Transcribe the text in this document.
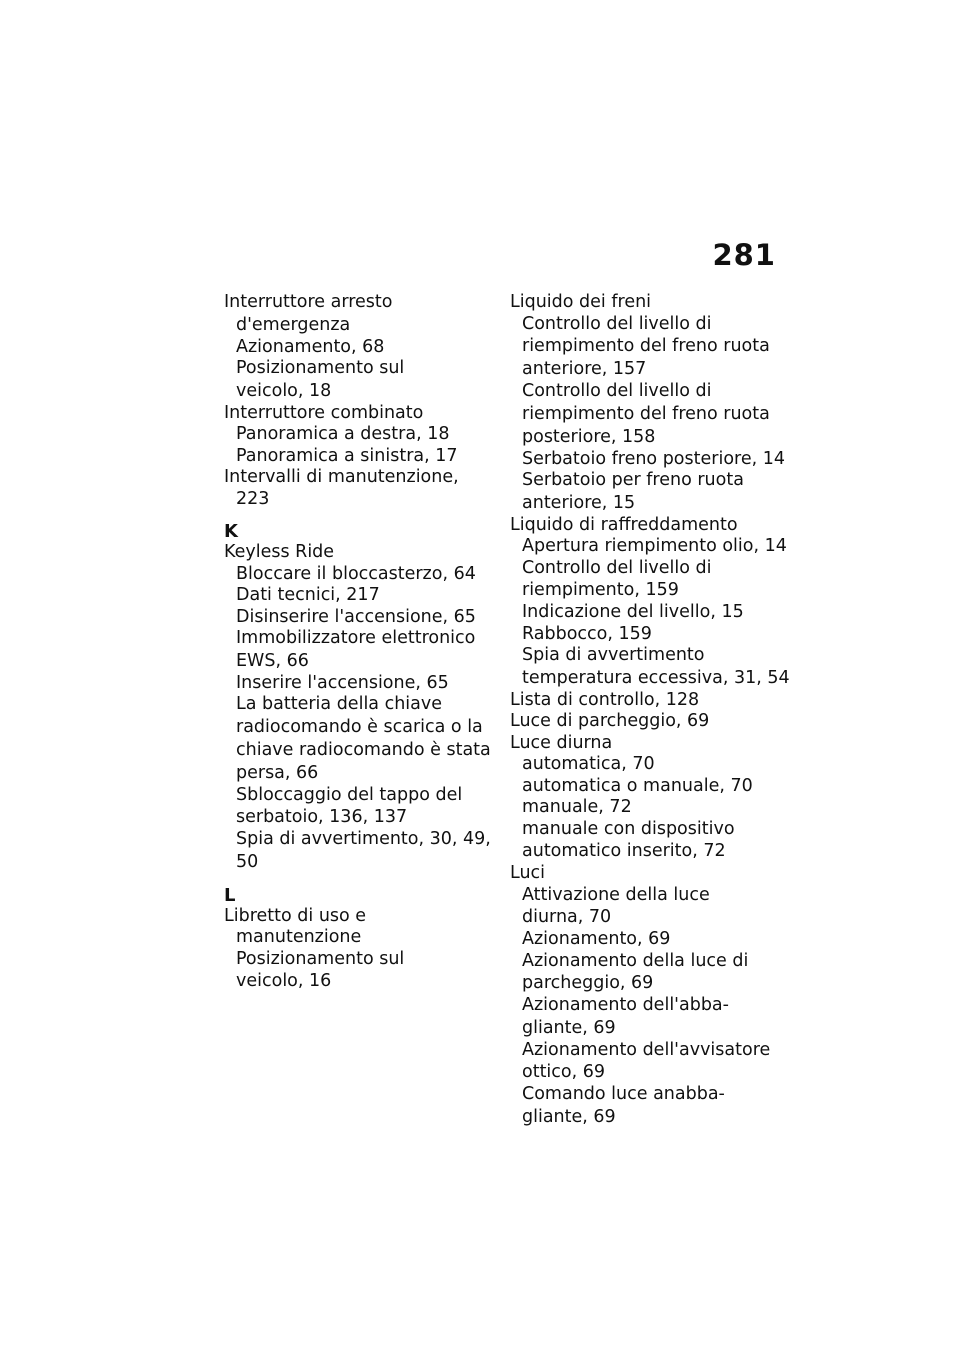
281
Interruttore arresto
d'emergenza
Azionamento, 68
Posizionamento sul
veicolo, 18
Interruttore combinato
Panoramica a destra, 18
Panoramica a sinistra, 17
Intervalli di manutenzione, 223
K
Keyless Ride
Bloccare il bloccasterzo, 64
Dati tecnici, 217
Disinserire l'accensione, 65
Immobilizzatore elettronico
EWS, 66
Inserire l'accensione, 65
La batteria della chiave
radiocomando è scarica o la
chiave radiocomando è stata
persa, 66
Sbloccaggio del tappo del
serbatoio, 136, 137
Spia di avvertimento, 30, 49,
50
L
Libretto di uso e manutenzione
Posizionamento sul
veicolo, 16
Liquido dei freni
Controllo del livello di
riempimento del freno ruota
anteriore, 157
Controllo del livello di
riempimento del freno ruota
posteriore, 158
Serbatoio freno posteriore, 14
Serbatoio per freno ruota
anteriore, 15
Liquido di raffreddamento
Apertura riempimento olio, 14
Controllo del livello di
riempimento, 159
Indicazione del livello, 15
Rabbocco, 159
Spia di avvertimento
temperatura eccessiva, 31, 54
Lista di controllo, 128
Luce di parcheggio, 69
Luce diurna
automatica, 70
automatica o manuale, 70
manuale, 72
manuale con dispositivo
automatico inserito, 72
Luci
Attivazione della luce
diurna, 70
Azionamento, 69
Azionamento della luce di
parcheggio, 69
Azionamento dell'abba-
gliante, 69
Azionamento dell'avvisatore
ottico, 69
Comando luce anabba-
gliante, 69
